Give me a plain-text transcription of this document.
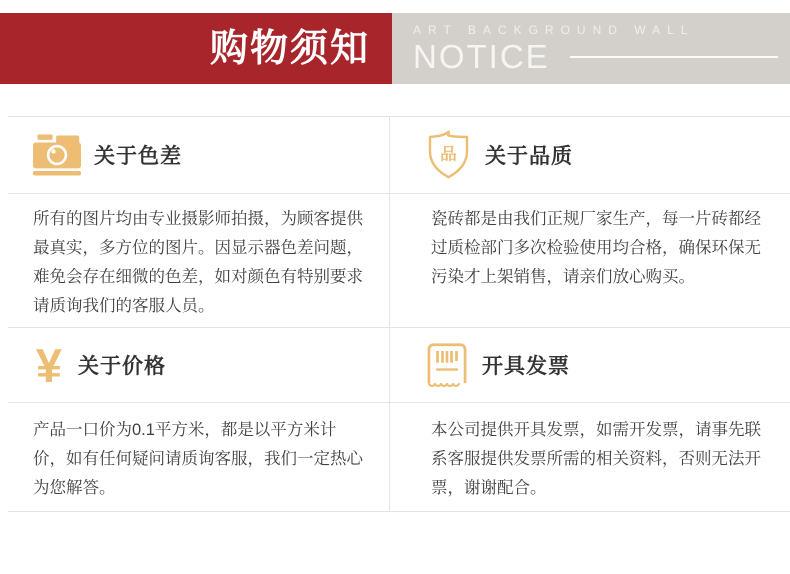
购物须知	ART BACKGROUND WALL
NOTICE
关于色差

所有的图片均由专业摄影师拍摄，为顾客提供最真实，多方位的图片。因显示器色差问题，难免会存在细微的色差，如对颜色有特别要求请质询我们的客服人员。

品 关于品质

瓷砖都是由我们正规厂家生产，每一片砖都经过质检部门多次检验使用均合格，确保环保无污染才上架销售，请亲们放心购买。

¥ 关于价格

产品一口价为0.1平方米，都是以平方米计价，如有任何疑问请质询客服，我们一定热心为您解答。

开具发票

本公司提供开具发票，如需开发票，请事先联系客服提供发票所需的相关资料，否则无法开票，谢谢配合。
